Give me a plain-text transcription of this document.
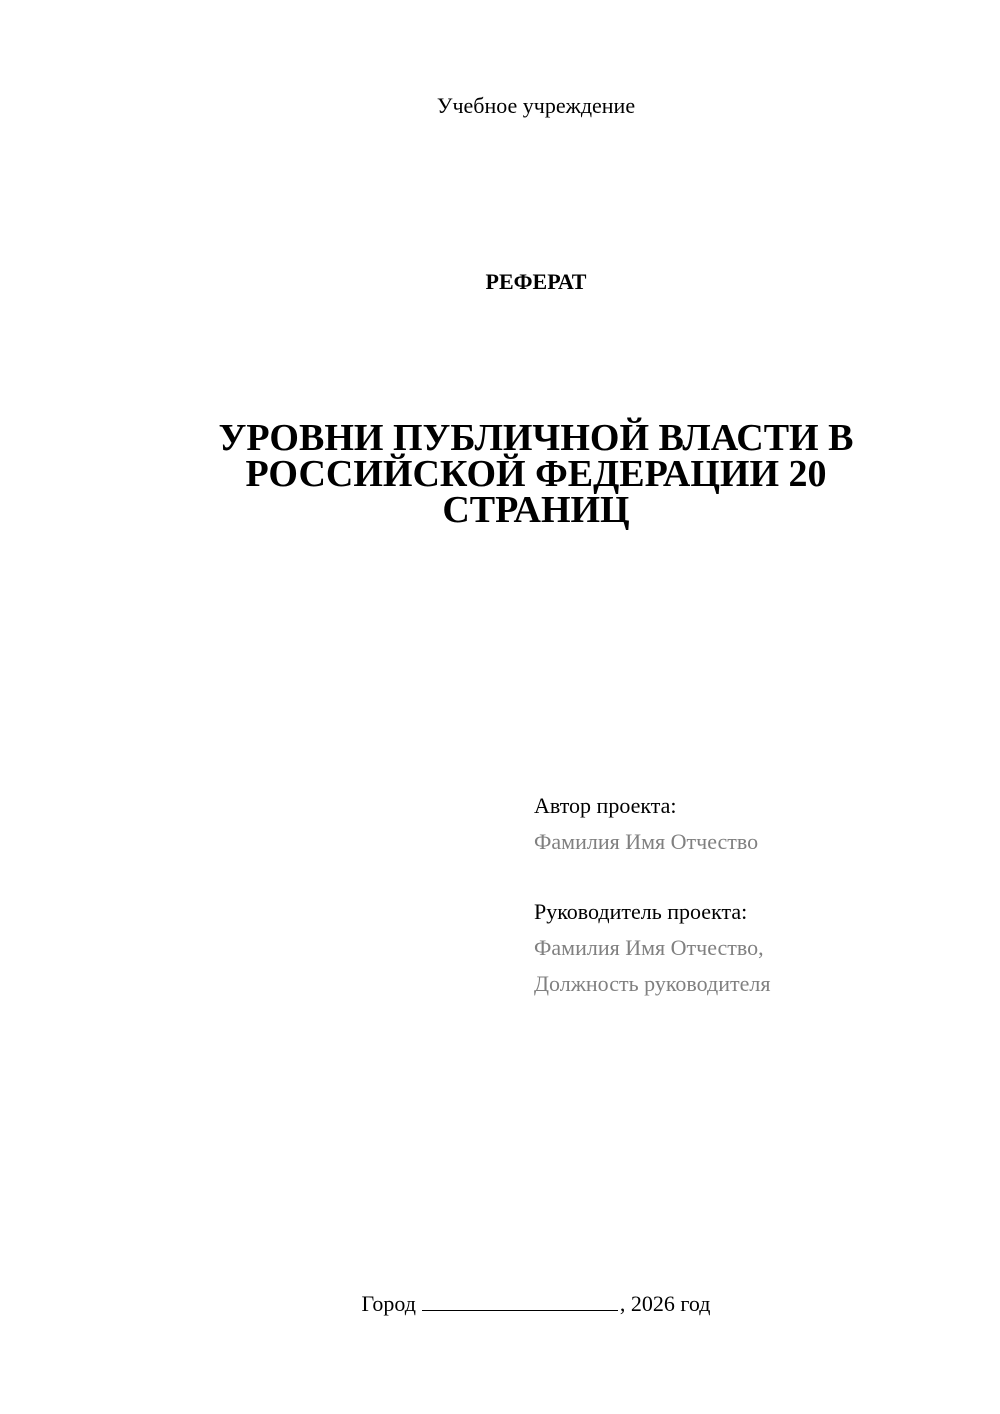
Учебное учреждение
РЕФЕРАТ
УРОВНИ ПУБЛИЧНОЙ ВЛАСТИ В
РОССИЙСКОЙ ФЕДЕРАЦИИ 20
СТРАНИЦ
Автор проекта:
Фамилия Имя Отчество
Руководитель проекта:
Фамилия Имя Отчество,
Должность руководителя
Город	, 2026 год
